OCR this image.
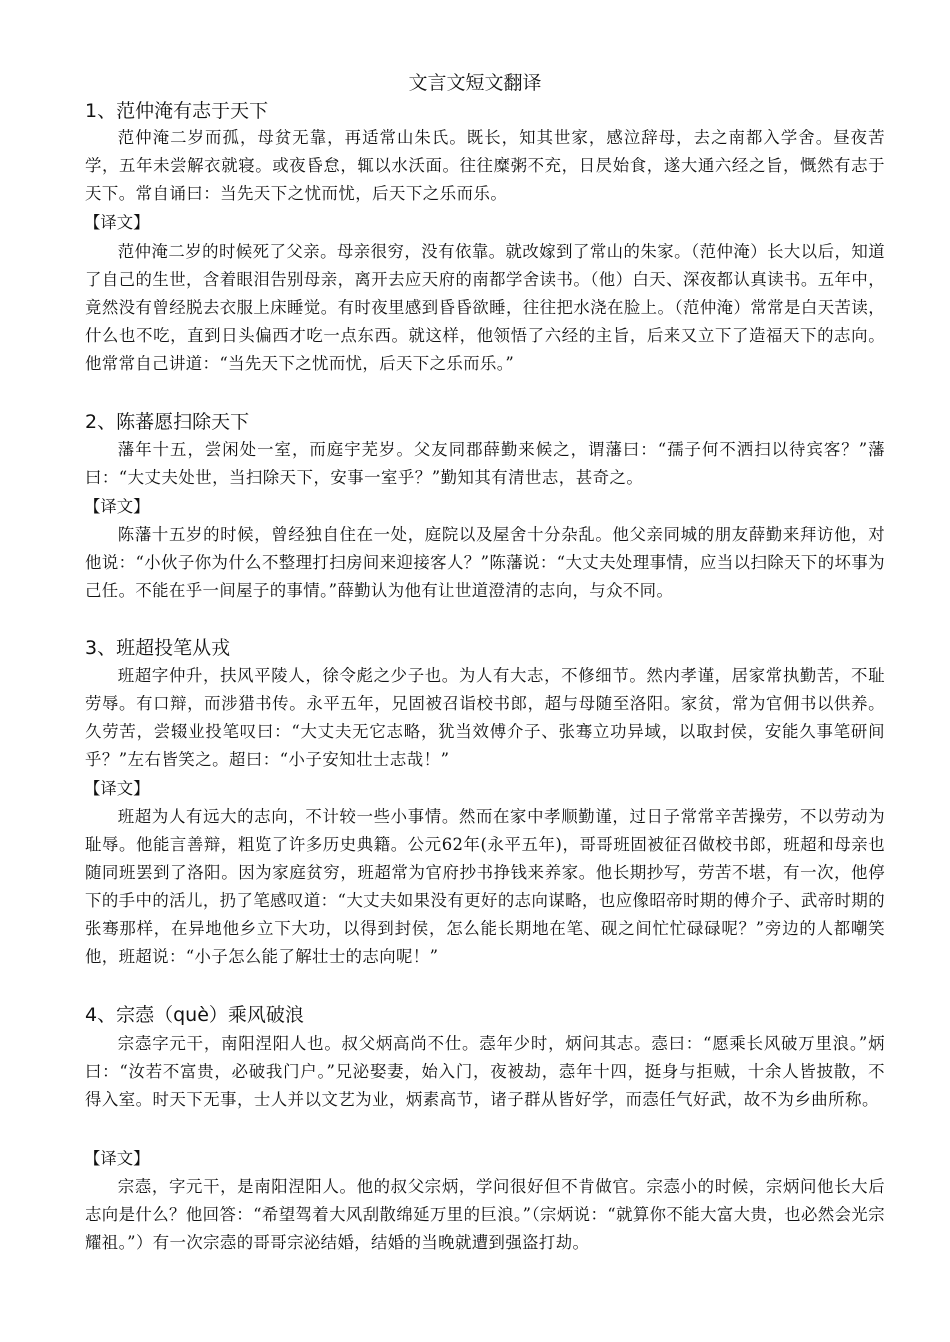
文言文短文翻译
1、范仲淹有志于天下
范仲淹二岁而孤，母贫无靠，再适常山朱氏。既长，知其世家，感泣辞母，去之南都入学舍。昼夜苦学，五年未尝解衣就寝。或夜昏怠，辄以水沃面。往往糜粥不充，日昃始食，遂大通六经之旨，慨然有志于天下。常自诵曰：当先天下之忧而忧，后天下之乐而乐。
【译文】
范仲淹二岁的时候死了父亲。母亲很穷，没有依靠。就改嫁到了常山的朱家。（范仲淹）长大以后，知道了自己的生世，含着眼泪告别母亲，离开去应天府的南都学舍读书。（他）白天、深夜都认真读书。五年中，竟然没有曾经脱去衣服上床睡觉。有时夜里感到昏昏欲睡，往往把水浇在脸上。（范仲淹）常常是白天苦读，什么也不吃，直到日头偏西才吃一点东西。就这样，他领悟了六经的主旨，后来又立下了造福天下的志向。他常常自己讲道：“当先天下之忧而忧，后天下之乐而乐。”
2、陈蕃愿扫除天下
藩年十五，尝闲处一室，而庭宇芜岁。父友同郡薛勤来候之，谓藩曰：“孺子何不洒扫以待宾客？”藩曰：“大丈夫处世，当扫除天下，安事一室乎？”勤知其有清世志，甚奇之。
【译文】
陈藩十五岁的时候，曾经独自住在一处，庭院以及屋舍十分杂乱。他父亲同城的朋友薛勤来拜访他，对他说：“小伙子你为什么不整理打扫房间来迎接客人？”陈藩说：“大丈夫处理事情，应当以扫除天下的坏事为己任。不能在乎一间屋子的事情。”薛勤认为他有让世道澄清的志向，与众不同。
3、班超投笔从戎
班超字仲升，扶风平陵人，徐令彪之少子也。为人有大志，不修细节。然内孝谨，居家常执勤苦，不耻劳辱。有口辩，而涉猎书传。永平五年，兄固被召诣校书郎，超与母随至洛阳。家贫，常为官佣书以供养。久劳苦，尝辍业投笔叹曰：“大丈夫无它志略，犹当效傅介子、张骞立功异域，以取封侯，安能久事笔研间乎？”左右皆笑之。超曰：“小子安知壮士志哉！”
【译文】
班超为人有远大的志向，不计较一些小事情。然而在家中孝顺勤谨，过日子常常辛苦操劳，不以劳动为耻辱。他能言善辩，粗览了许多历史典籍。公元62年(永平五年)，哥哥班固被征召做校书郎，班超和母亲也随同班罢到了洛阳。因为家庭贫穷，班超常为官府抄书挣钱来养家。他长期抄写，劳苦不堪，有一次，他停下的手中的活儿，扔了笔感叹道：“大丈夫如果没有更好的志向谋略，也应像昭帝时期的傅介子、武帝时期的张骞那样，在异地他乡立下大功，以得到封侯，怎么能长期地在笔、砚之间忙忙碌碌呢？”旁边的人都嘲笑他，班超说：“小子怎么能了解壮士的志向呢！”
4、宗悫（què）乘风破浪
宗悫字元干，南阳涅阳人也。叔父炳高尚不仕。悫年少时，炳问其志。悫曰：“愿乘长风破万里浪。”炳曰：“汝若不富贵，必破我门户。”兄泌娶妻，始入门，夜被劫，悫年十四，挺身与拒贼，十余人皆披散，不得入室。时天下无事，士人并以文艺为业，炳素高节，诸子群从皆好学，而悫任气好武，故不为乡曲所称。
【译文】
宗悫，字元干，是南阳涅阳人。他的叔父宗炳，学问很好但不肯做官。宗悫小的时候，宗炳问他长大后志向是什么？他回答：“希望驾着大风刮散绵延万里的巨浪。”（宗炳说：“就算你不能大富大贵，也必然会光宗耀祖。”）有一次宗悫的哥哥宗泌结婚，结婚的当晚就遭到强盗打劫。
